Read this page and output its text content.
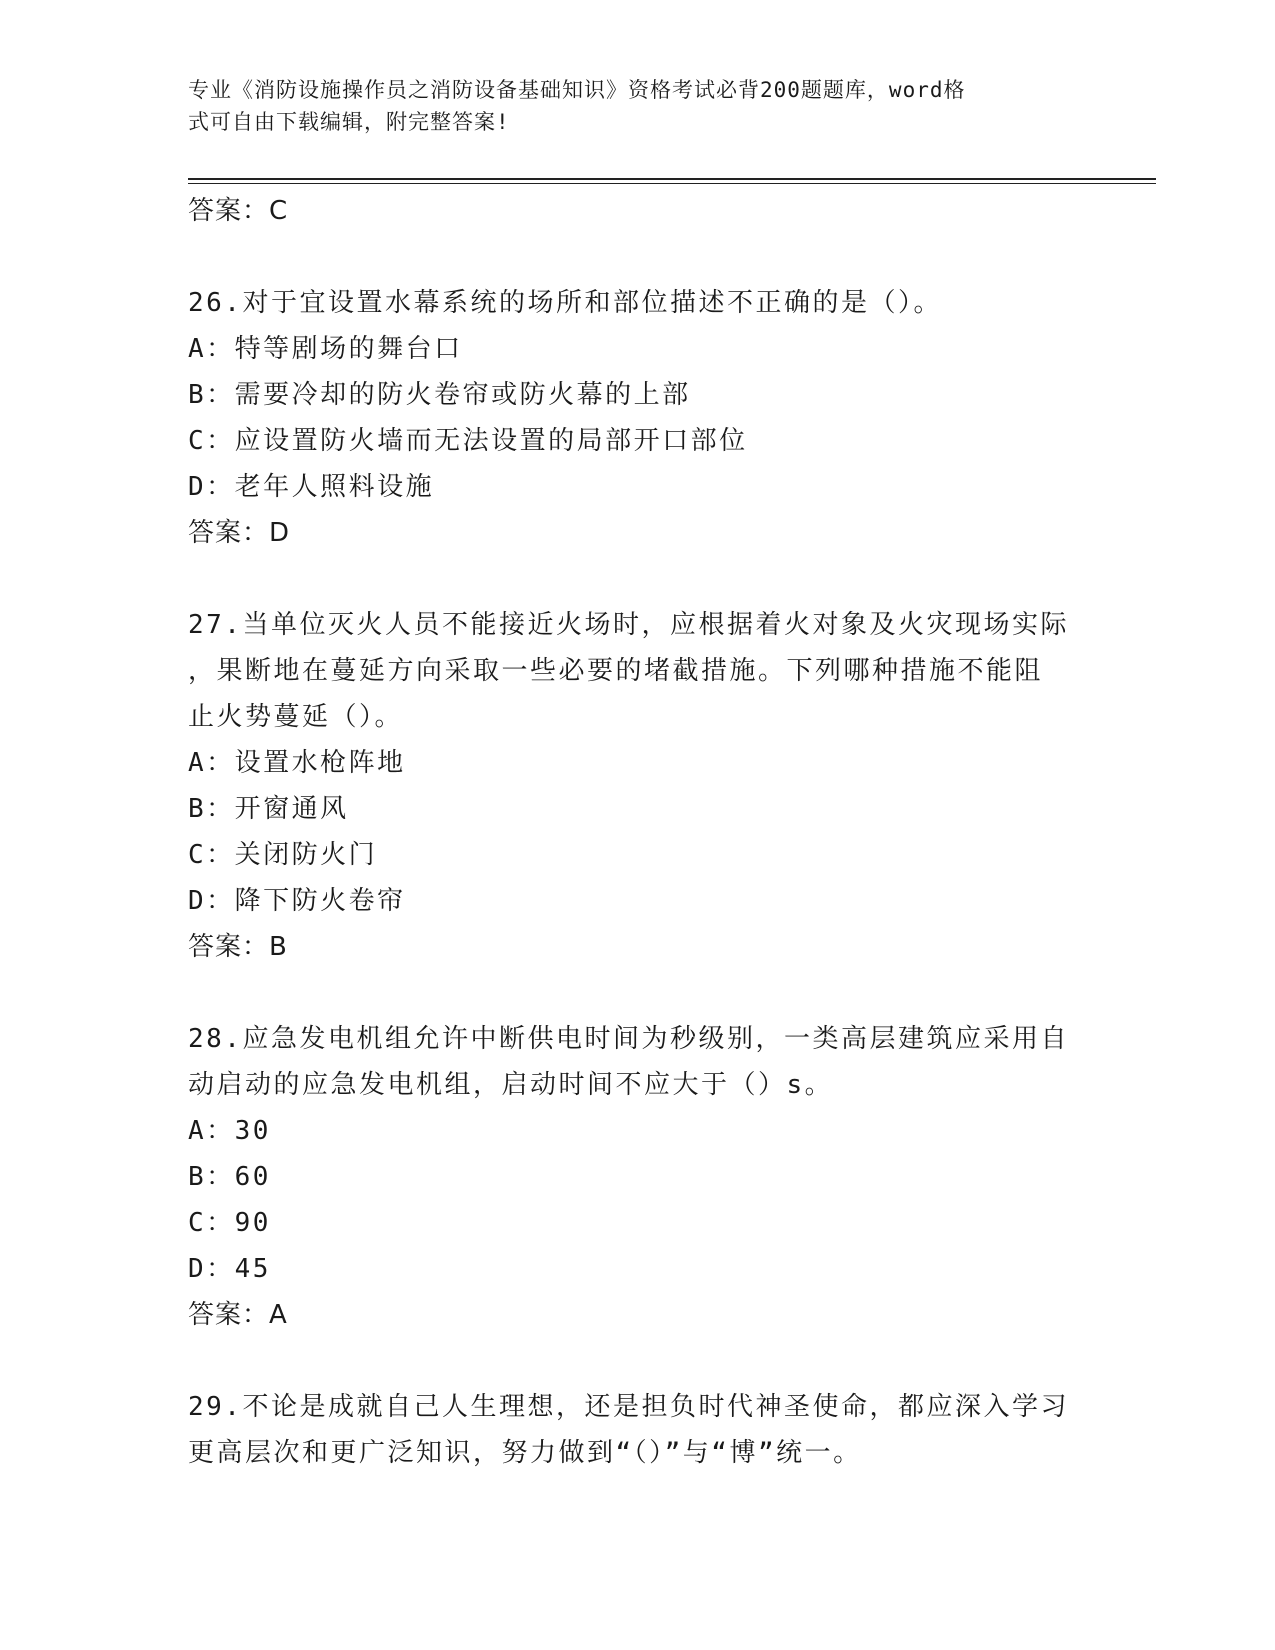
专业《消防设施操作员之消防设备基础知识》资格考试必背200题题库，word格
式可自由下载编辑，附完整答案!
答案：C
26.对于宜设置水幕系统的场所和部位描述不正确的是（）。
A：特等剧场的舞台口
B：需要冷却的防火卷帘或防火幕的上部
C：应设置防火墙而无法设置的局部开口部位
D：老年人照料设施
答案：D
27.当单位灭火人员不能接近火场时，应根据着火对象及火灾现场实际
，果断地在蔓延方向采取一些必要的堵截措施。下列哪种措施不能阻
止火势蔓延（）。
A：设置水枪阵地
B：开窗通风
C：关闭防火门
D：降下防火卷帘
答案：B
28.应急发电机组允许中断供电时间为秒级别，一类高层建筑应采用自
动启动的应急发电机组，启动时间不应大于（）s。
A：30
B：60
C：90
D：45
答案：A
29.不论是成就自己人生理想，还是担负时代神圣使命，都应深入学习
更高层次和更广泛知识，努力做到“（）”与“博”统一。
